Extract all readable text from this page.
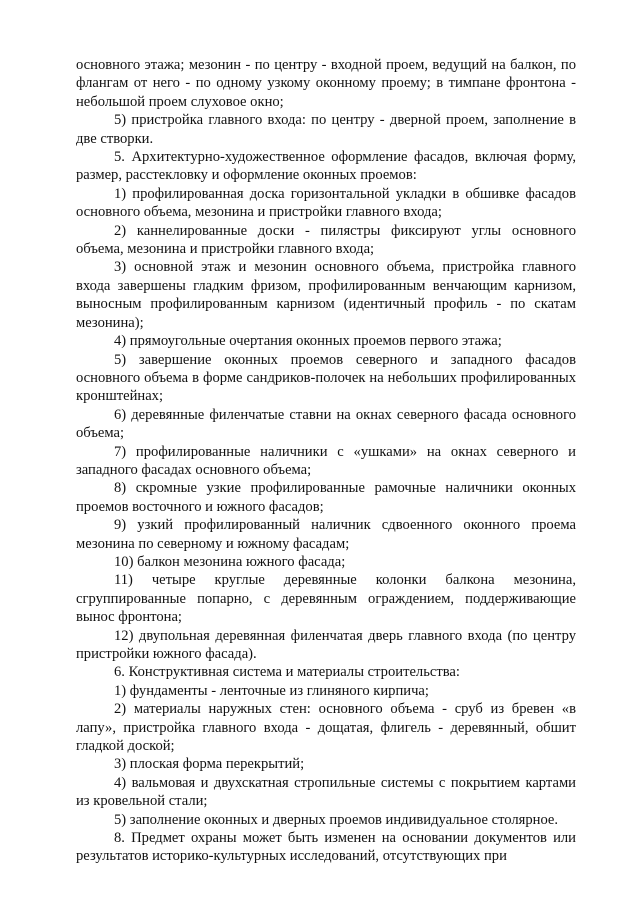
основного этажа; мезонин - по центру - входной проем, ведущий на балкон, по флангам от него - по одному узкому оконному проему; в тимпане фронтона - небольшой проем слуховое окно;

5) пристройка главного входа: по центру - дверной проем, заполнение в две створки.

5. Архитектурно-художественное оформление фасадов, включая форму, размер, расстекловку и оформление оконных проемов:

1) профилированная доска горизонтальной укладки в обшивке фасадов основного объема, мезонина и пристройки главного входа;

2) каннелированные доски - пилястры фиксируют углы основного объема, мезонина и пристройки главного входа;

3) основной этаж и мезонин основного объема, пристройка главного входа завершены гладким фризом, профилированным венчающим карнизом, выносным профилированным карнизом (идентичный профиль - по скатам мезонина);

4) прямоугольные очертания оконных проемов первого этажа;

5) завершение оконных проемов северного и западного фасадов основного объема в форме сандриков-полочек на небольших профилированных кронштейнах;

6) деревянные филенчатые ставни на окнах северного фасада основного объема;

7) профилированные наличники с «ушками» на окнах северного и западного фасадах основного объема;

8) скромные узкие профилированные рамочные наличники оконных проемов восточного и южного фасадов;

9) узкий профилированный наличник сдвоенного оконного проема мезонина по северному и южному фасадам;

10) балкон мезонина южного фасада;

11) четыре круглые деревянные колонки балкона мезонина, сгруппированные попарно, с деревянным ограждением, поддерживающие вынос фронтона;

12) двупольная деревянная филенчатая дверь главного входа (по центру пристройки южного фасада).

6. Конструктивная система и материалы строительства:

1) фундаменты - ленточные из глиняного кирпича;

2) материалы наружных стен: основного объема - сруб из бревен «в лапу», пристройка главного входа - дощатая, флигель - деревянный, обшит гладкой доской;

3) плоская форма перекрытий;

4) вальмовая и двухскатная стропильные системы с покрытием картами из кровельной стали;

5) заполнение оконных и дверных проемов индивидуальное столярное.

8. Предмет охраны может быть изменен на основании документов или результатов историко-культурных исследований, отсутствующих при
